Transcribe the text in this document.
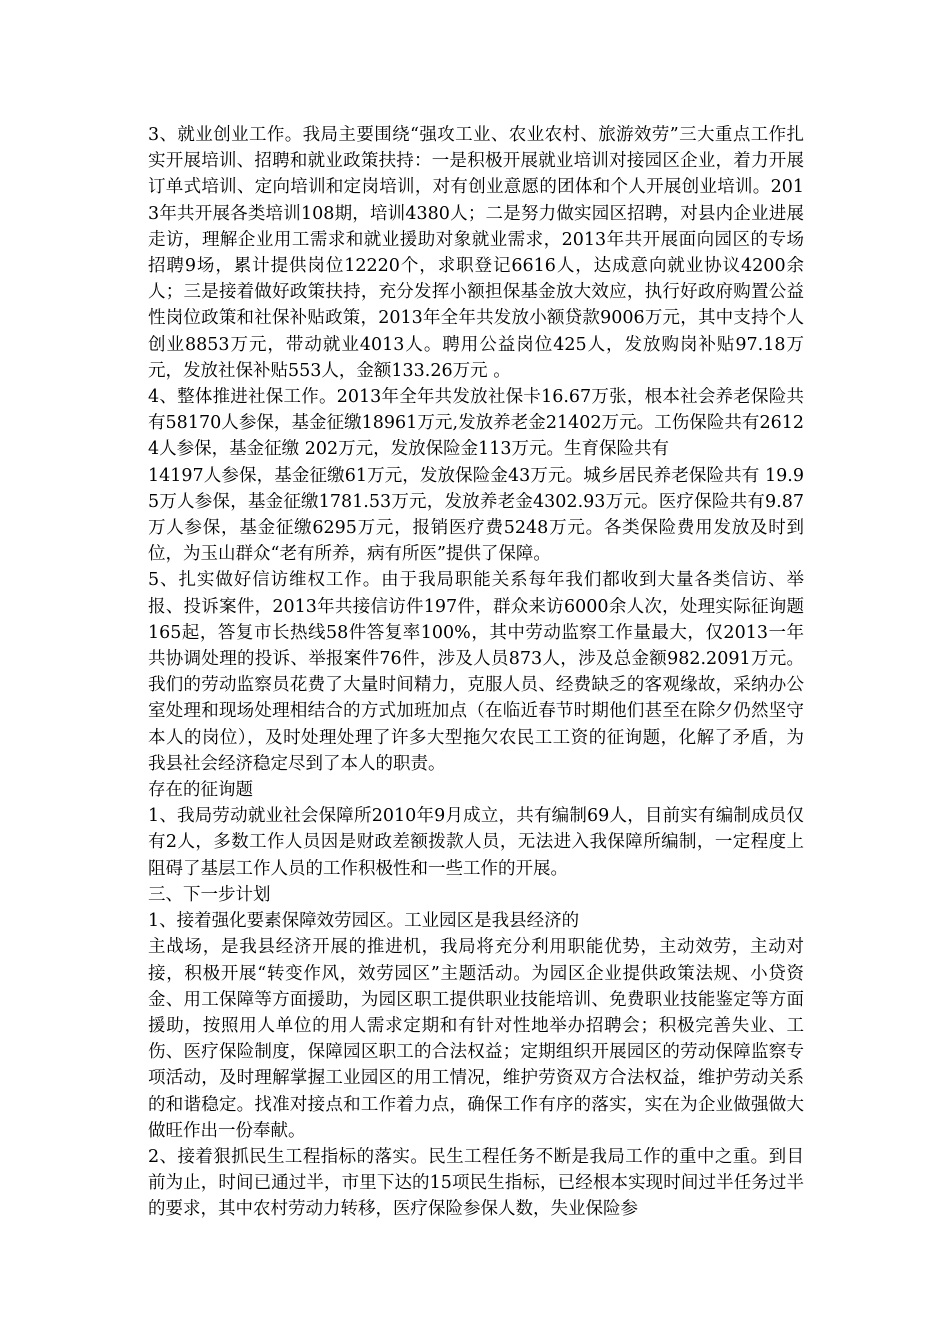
3、就业创业工作。我局主要围绕“强攻工业、农业农村、旅游效劳”三大重点工作扎实开展培训、招聘和就业政策扶持：一是积极开展就业培训对接园区企业，着力开展订单式培训、定向培训和定岗培训，对有创业意愿的团体和个人开展创业培训。2013年共开展各类培训108期，培训4380人；二是努力做实园区招聘，对县内企业进展走访，理解企业用工需求和就业援助对象就业需求，2013年共开展面向园区的专场招聘9场，累计提供岗位12220个，求职登记6616人，达成意向就业协议4200余人；三是接着做好政策扶持，充分发挥小额担保基金放大效应，执行好政府购置公益性岗位政策和社保补贴政策，2013年全年共发放小额贷款9006万元，其中支持个人创业8853万元，带动就业4013人。聘用公益岗位425人，发放购岗补贴97.18万元，发放社保补贴553人，金额133.26万元 。

4、整体推进社保工作。2013年全年共发放社保卡16.67万张，根本社会养老保险共有58170人参保，基金征缴18961万元,发放养老金21402万元。工伤保险共有26124人参保，基金征缴 202万元，发放保险金113万元。生育保险共有

14197人参保，基金征缴61万元，发放保险金43万元。城乡居民养老保险共有 19.95万人参保，基金征缴1781.53万元，发放养老金4302.93万元。医疗保险共有9.87万人参保，基金征缴6295万元，报销医疗费5248万元。各类保险费用发放及时到位，为玉山群众“老有所养，病有所医”提供了保障。

5、扎实做好信访维权工作。由于我局职能关系每年我们都收到大量各类信访、举报、投诉案件，2013年共接信访件197件，群众来访6000余人次，处理实际征询题165起，答复市长热线58件答复率100%，其中劳动监察工作量最大，仅2013一年共协调处理的投诉、举报案件76件，涉及人员873人，涉及总金额982.2091万元。我们的劳动监察员花费了大量时间精力，克服人员、经费缺乏的客观缘故，采纳办公室处理和现场处理相结合的方式加班加点（在临近春节时期他们甚至在除夕仍然坚守本人的岗位），及时处理处理了许多大型拖欠农民工工资的征询题，化解了矛盾，为我县社会经济稳定尽到了本人的职责。

存在的征询题

1、我局劳动就业社会保障所2010年9月成立，共有编制69人，目前实有编制成员仅有2人，多数工作人员因是财政差额拨款人员，无法进入我保障所编制，一定程度上阻碍了基层工作人员的工作积极性和一些工作的开展。

三、下一步计划

1、接着强化要素保障效劳园区。工业园区是我县经济的

主战场，是我县经济开展的推进机，我局将充分利用职能优势，主动效劳，主动对接，积极开展“转变作风，效劳园区”主题活动。为园区企业提供政策法规、小贷资金、用工保障等方面援助，为园区职工提供职业技能培训、免费职业技能鉴定等方面援助，按照用人单位的用人需求定期和有针对性地举办招聘会；积极完善失业、工伤、医疗保险制度，保障园区职工的合法权益；定期组织开展园区的劳动保障监察专项活动，及时理解掌握工业园区的用工情况，维护劳资双方合法权益，维护劳动关系的和谐稳定。找准对接点和工作着力点，确保工作有序的落实，实在为企业做强做大做旺作出一份奉献。

2、接着狠抓民生工程指标的落实。民生工程任务不断是我局工作的重中之重。到目前为止，时间已通过半，市里下达的15项民生指标，已经根本实现时间过半任务过半的要求，其中农村劳动力转移，医疗保险参保人数，失业保险参
